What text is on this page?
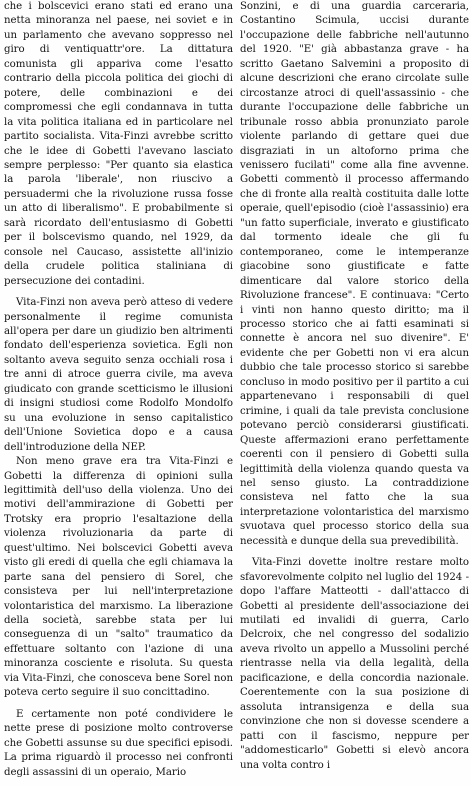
che i bolscevici erano stati ed erano una netta minoranza nel paese, nei soviet e in un parlamento che avevano soppresso nel giro di ventiquattr'ore. La dittatura comunista gli appariva come l'esatto contrario della piccola politica dei giochi di potere, delle combinazioni e dei compromessi che egli condannava in tutta la vita politica italiana ed in particolare nel partito socialista. Vita-Finzi avrebbe scritto che le idee di Gobetti l'avevano lasciato sempre perplesso: "Per quanto sia elastica la parola 'liberale', non riuscivo a persuadermi che la rivoluzione russa fosse un atto di liberalismo". E probabilmente si sarà ricordato dell'entusiasmo di Gobetti per il bolscevismo quando, nel 1929, da console nel Caucaso, assistette all'inizio della crudele politica staliniana di persecuzione dei contadini.

Vita-Finzi non aveva però atteso di vedere personalmente il regime comunista all'opera per dare un giudizio ben altrimenti fondato dell'esperienza sovietica. Egli non soltanto aveva seguito senza occhiali rosa i tre anni di atroce guerra civile, ma aveva giudicato con grande scetticismo le illusioni di insigni studiosi come Rodolfo Mondolfo su una evoluzione in senso capitalistico dell'Unione Sovietica dopo e a causa dell'introduzione della NEP.

Non meno grave era tra Vita-Finzi e Gobetti la differenza di opinioni sulla legittimità dell'uso della violenza. Uno dei motivi dell'ammirazione di Gobetti per Trotsky era proprio l'esaltazione della violenza rivoluzionaria da parte di quest'ultimo. Nei bolscevici Gobetti aveva visto gli eredi di quella che egli chiamava la parte sana del pensiero di Sorel, che consisteva per lui nell'interpretazione volontaristica del marxismo. La liberazione della società, sarebbe stata per lui conseguenza di un "salto" traumatico da effettuare soltanto con l'azione di una minoranza cosciente e risoluta. Su questa via Vita-Finzi, che conosceva bene Sorel non poteva certo seguire il suo concittadino.

E certamente non poté condividere le nette prese di posizione molto controverse che Gobetti assunse su due specifici episodi. La prima riguardò il processo nei confronti degli assassini di un operaio, Mario

Sonzini, e di una guardia carceraria, Costantino Scimula, uccisi durante l'occupazione delle fabbriche nell'autunno del 1920. "E' già abbastanza grave - ha scritto Gaetano Salvemini a proposito di alcune descrizioni che erano circolate sulle circostanze atroci di quell'assassinio - che durante l'occupazione delle fabbriche un tribunale rosso abbia pronunziato parole violente parlando di gettare quei due disgraziati in un altoforno prima che venissero fucilati" come alla fine avvenne. Gobetti commentò il processo affermando che di fronte alla realtà costituita dalle lotte operaie, quell'episodio (cioè l'assassinio) era "un fatto superficiale, inverato e giustificato dal tormento ideale che gli fu contemporaneo, come le intemperanze giacobine sono giustificate e fatte dimenticare dal valore storico della Rivoluzione francese". E continuava: "Certo i vinti non hanno questo diritto; ma il processo storico che ai fatti esaminati si connette è ancora nel suo divenire". E' evidente che per Gobetti non vi era alcun dubbio che tale processo storico si sarebbe concluso in modo positivo per il partito a cui appartenevano i responsabili di quel crimine, i quali da tale prevista conclusione potevano perciò considerarsi giustificati. Queste affermazioni erano perfettamente coerenti con il pensiero di Gobetti sulla legittimità della violenza quando questa va nel senso giusto. La contraddizione consisteva nel fatto che la sua interpretazione volontaristica del marxismo svuotava quel processo storico della sua necessità e dunque della sua prevedibilità.

Vita-Finzi dovette inoltre restare molto sfavorevolmente colpito nel luglio del 1924 - dopo l'affare Matteotti - dall'attacco di Gobetti al presidente dell'associazione dei mutilati ed invalidi di guerra, Carlo Delcroix, che nel congresso del sodalizio aveva rivolto un appello a Mussolini perché rientrasse nella via della legalità, della pacificazione, e della concordia nazionale. Coerentemente con la sua posizione di assoluta intransigenza e della sua convinzione che non si dovesse scendere a patti con il fascismo, neppure per "addomesticarlo" Gobetti si elevò ancora una volta contro i
